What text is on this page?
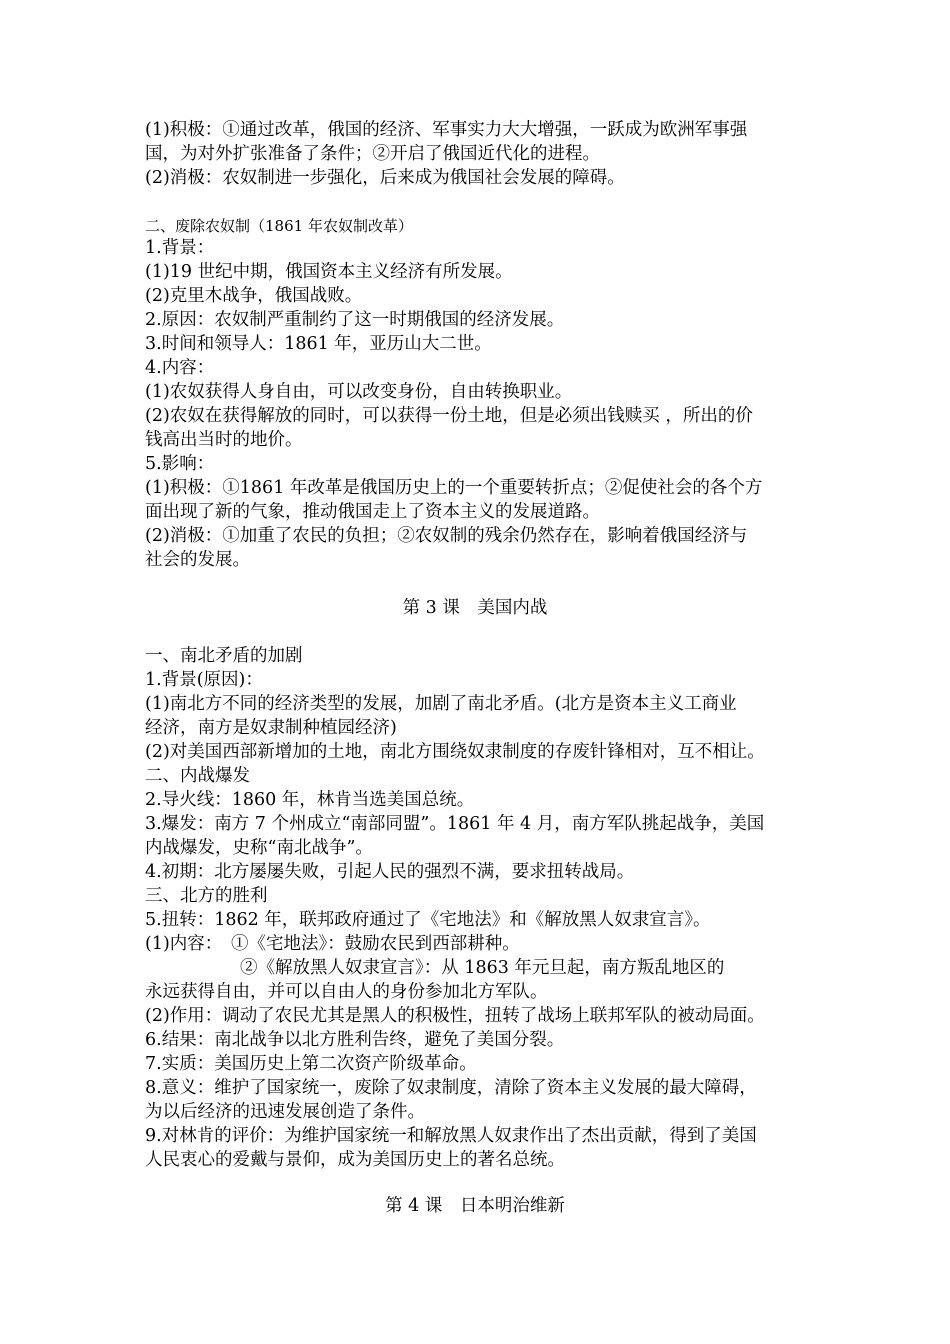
(1)积极：①通过改革，俄国的经济、军事实力大大增强，一跃成为欧洲军事强
国，为对外扩张准备了条件；②开启了俄国近代化的进程。
(2)消极：农奴制进一步强化，后来成为俄国社会发展的障碍。
二、废除农奴制（1861 年农奴制改革）
1.背景：
(1)19 世纪中期，俄国资本主义经济有所发展。
(2)克里木战争，俄国战败。
2.原因：农奴制严重制约了这一时期俄国的经济发展。
3.时间和领导人：1861 年，亚历山大二世。
4.内容：
(1)农奴获得人身自由，可以改变身份，自由转换职业。
(2)农奴在获得解放的同时，可以获得一份土地，但是必须出钱赎买 ，所出的价
钱高出当时的地价。
5.影响：
(1)积极：①1861 年改革是俄国历史上的一个重要转折点；②促使社会的各个方
面出现了新的气象，推动俄国走上了资本主义的发展道路。
(2)消极：①加重了农民的负担；②农奴制的残余仍然存在，影响着俄国经济与
社会的发展。
第 3 课　美国内战
一、南北矛盾的加剧
1.背景(原因)：
(1)南北方不同的经济类型的发展，加剧了南北矛盾。(北方是资本主义工商业
经济，南方是奴隶制种植园经济)
(2)对美国西部新增加的土地，南北方围绕奴隶制度的存废针锋相对，互不相让。
二、内战爆发
2.导火线：1860 年，林肯当选美国总统。
3.爆发：南方 7 个州成立“南部同盟”。1861 年 4 月，南方军队挑起战争，美国
内战爆发，史称“南北战争”。
4.初期：北方屡屡失败，引起人民的强烈不满，要求扭转战局。
三、北方的胜利
5.扭转：1862 年，联邦政府通过了《宅地法》和《解放黑人奴隶宣言》。
(1)内容：　①《宅地法》：鼓励农民到西部耕种。
②《解放黑人奴隶宣言》：从 1863 年元旦起，南方叛乱地区的
永远获得自由，并可以自由人的身份参加北方军队。
(2)作用：调动了农民尤其是黑人的积极性，扭转了战场上联邦军队的被动局面。
6.结果：南北战争以北方胜利告终，避免了美国分裂。
7.实质：美国历史上第二次资产阶级革命。
8.意义：维护了国家统一，废除了奴隶制度，清除了资本主义发展的最大障碍，
为以后经济的迅速发展创造了条件。
9.对林肯的评价：为维护国家统一和解放黑人奴隶作出了杰出贡献，得到了美国
人民衷心的爱戴与景仰，成为美国历史上的著名总统。
第 4 课　日本明治维新
